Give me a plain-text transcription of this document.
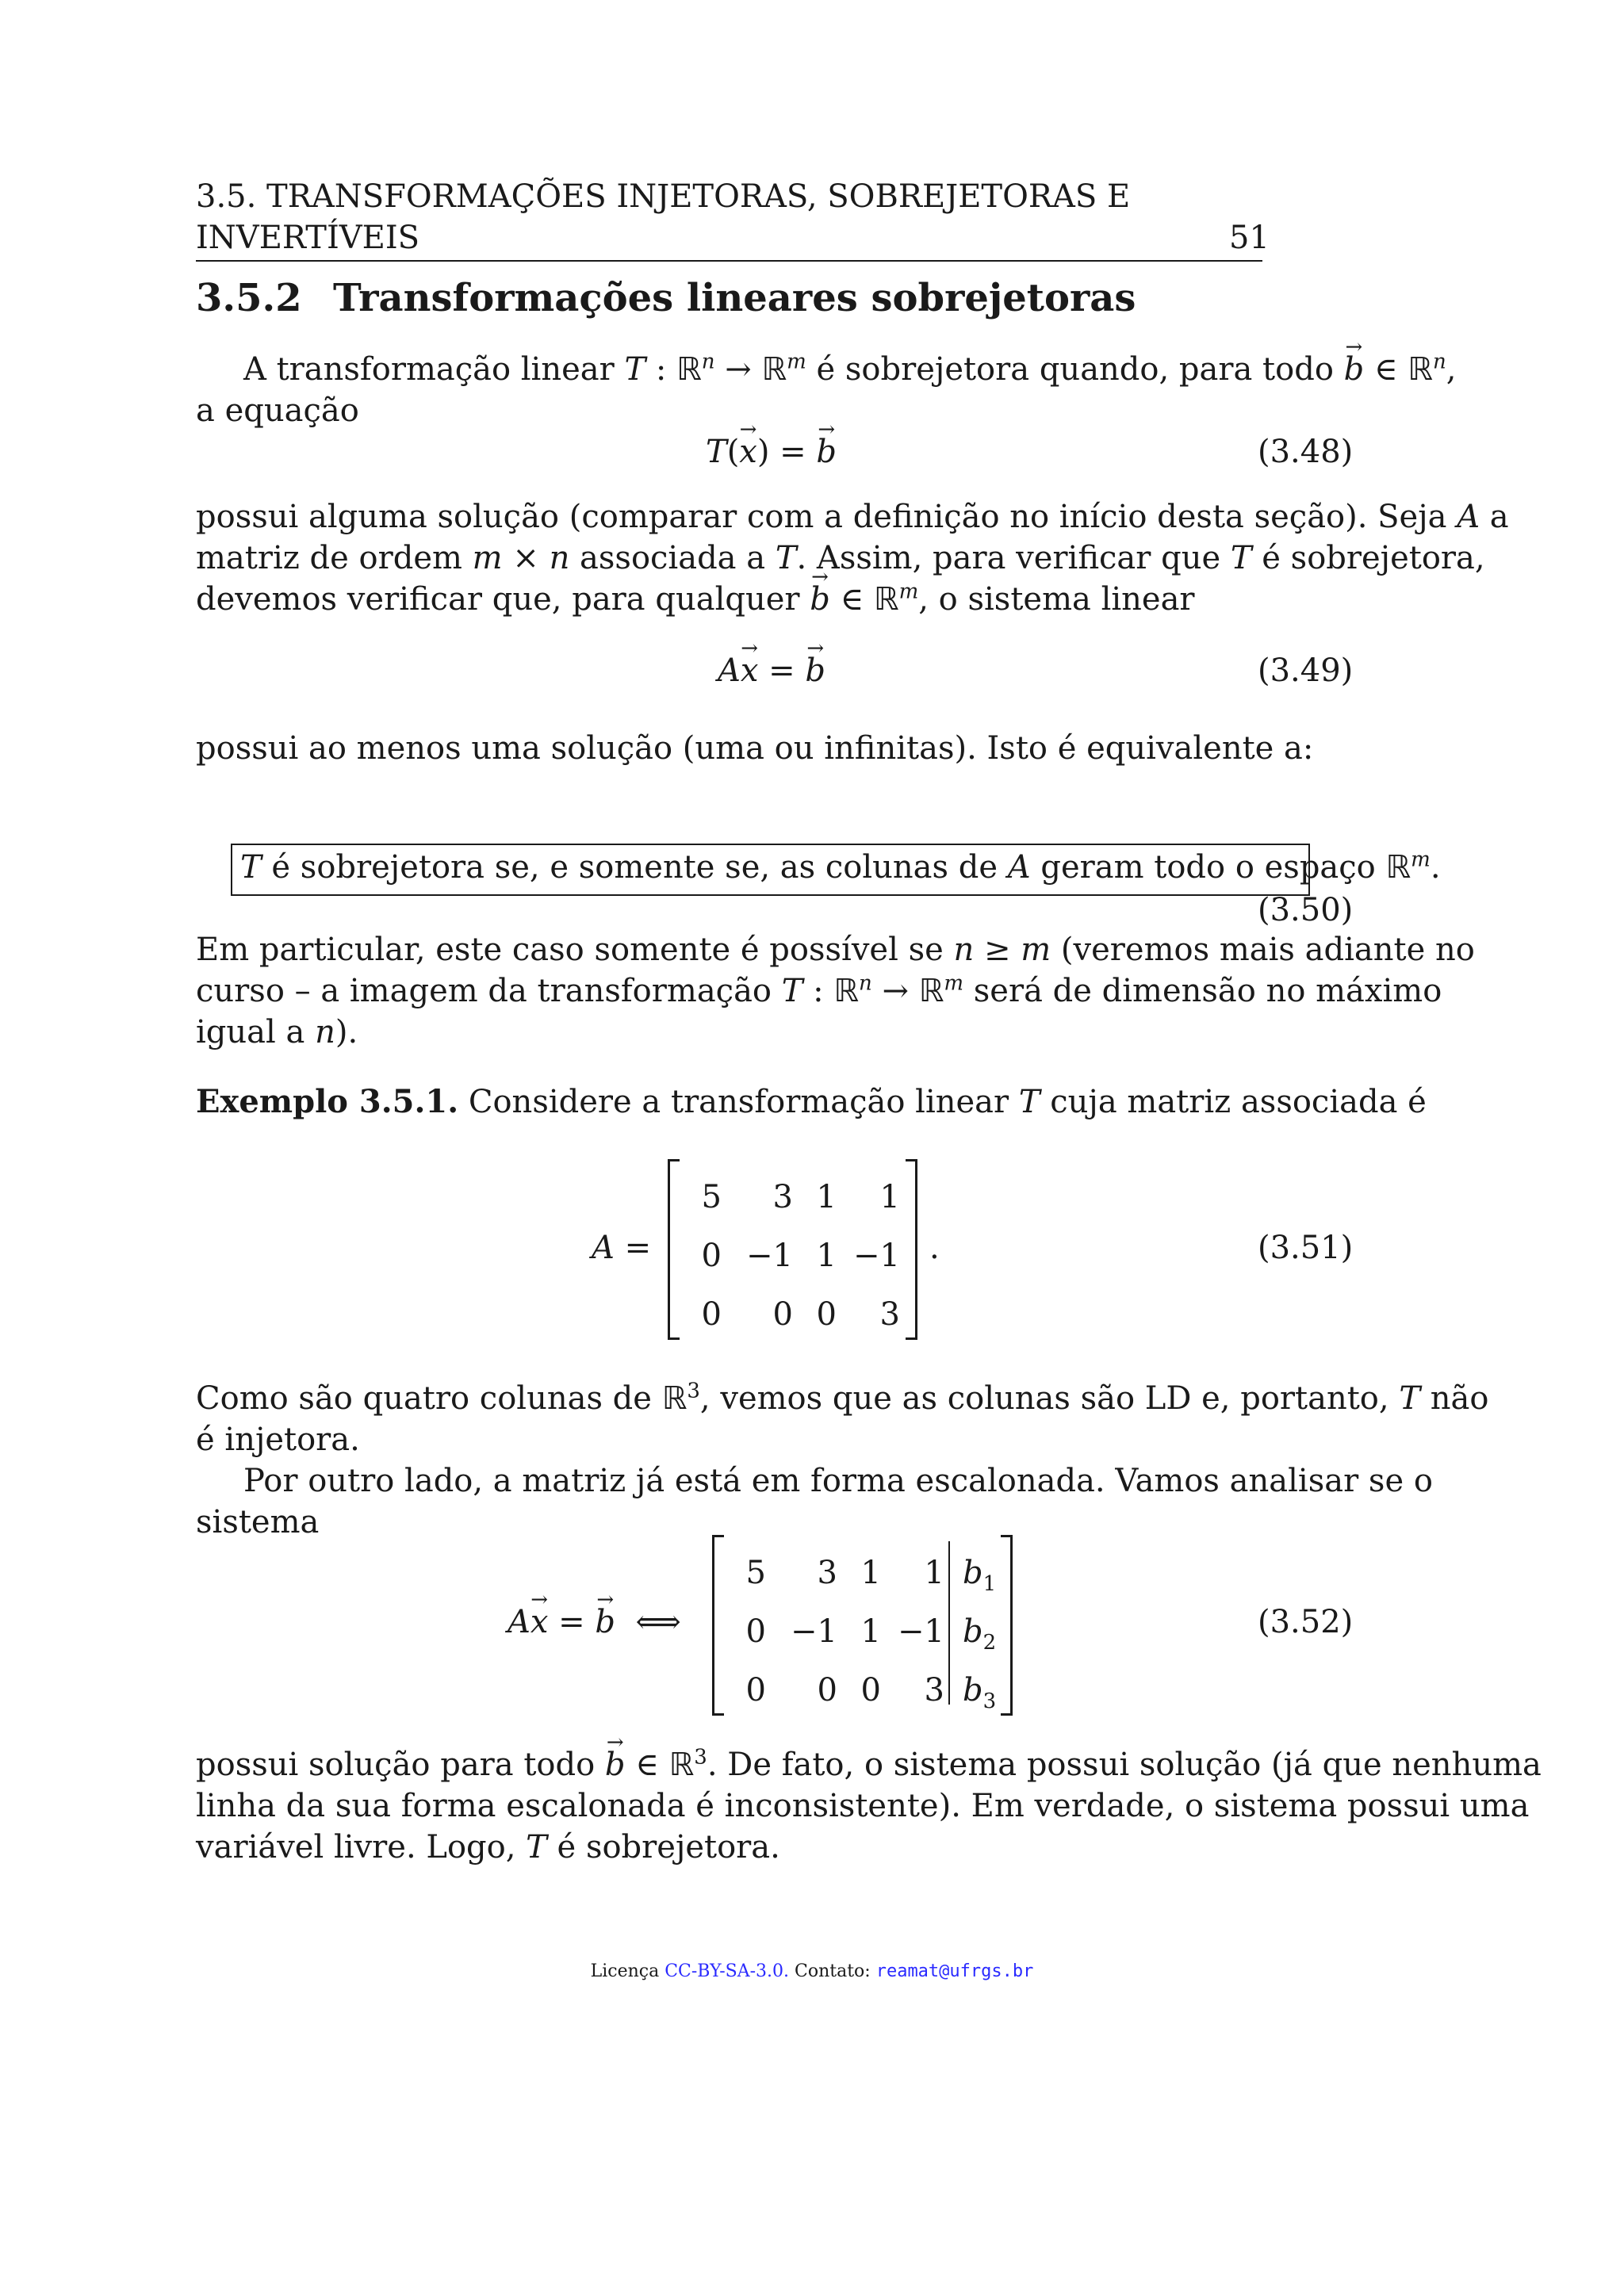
3.5. TRANSFORMAÇÕES INJETORAS, SOBREJETORAS E
INVERTÍVEIS	51
3.5.2 Transformações lineares sobrejetoras
A transformação linear T : ℝ$^n$ → ℝ$^m$ é sobrejetora quando, para todo → b ∈ ℝ$^n$,
a equação
T(→ x) = → b	(3.48)
possui alguma solução (comparar com a definição no início desta seção). Seja A a
matriz de ordem m × n associada a T. Assim, para verificar que T é sobrejetora,
devemos verificar que, para qualquer → b ∈ ℝ$^m$, o sistema linear
A→ x = → b	(3.49)
possui ao menos uma solução (uma ou infinitas). Isto é equivalente a:
T é sobrejetora se, e somente se, as colunas de A geram todo o espaço ℝ$^m$.
(3.50)
Em particular, este caso somente é possível se n ≥ m (veremos mais adiante no
curso – a imagem da transformação T : ℝ$^n$ → ℝ$^m$ será de dimensão no máximo
igual a n).
Exemplo 3.5.1. Considere a transformação linear T cuja matriz associada é
A =
5	3 1	1
0 −1 1 −1
0	0 0	3
.	(3.51)
Como são quatro colunas de ℝ$^3$, vemos que as colunas são LD e, portanto, T não
é injetora.
Por outro lado, a matriz já está em forma escalonada. Vamos analisar se o
sistema
A→ x = → b  ⟺
5	3 1	1 $b_1$
0 −1 1 −1 $b_2$
0	0 0	3 $b_3$
(3.52)
possui solução para todo → b ∈ ℝ$^3$. De fato, o sistema possui solução (já que nenhuma
linha da sua forma escalonada é inconsistente). Em verdade, o sistema possui uma
variável livre. Logo, T é sobrejetora.
Licença CC-BY-SA-3.0. Contato: reamat@ufrgs.br
